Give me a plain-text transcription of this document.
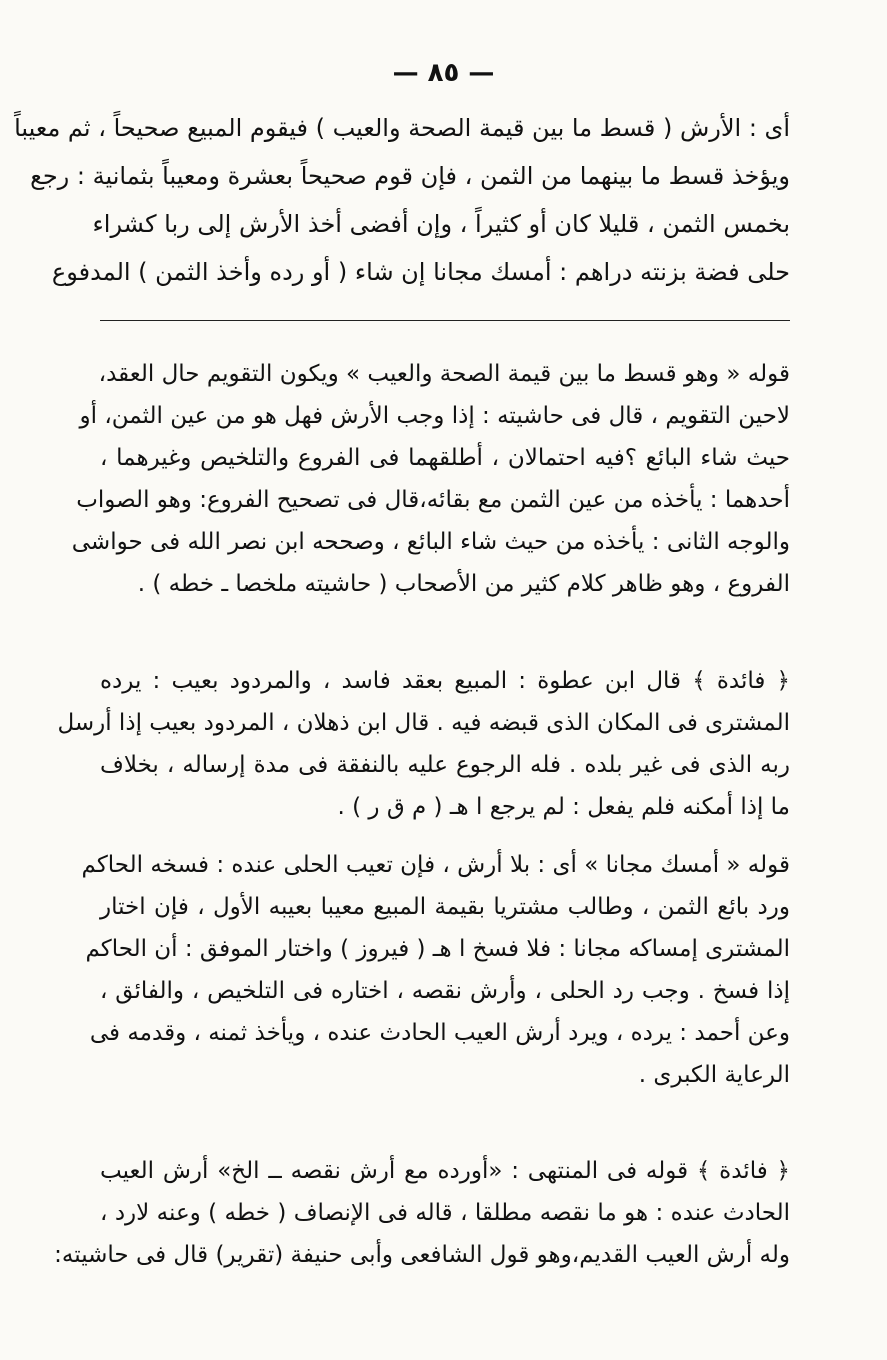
— ٨٥ —
أى : الأرش ( قسط ما بين قيمة الصحة والعيب ) فيقوم المبيع صحيحاً ، ثم معيباً
ويؤخذ قسط ما بينهما من الثمن ، فإن قوم صحيحاً بعشرة ومعيباً بثمانية : رجع
بخمس الثمن ، قليلا كان أو كثيراً ، وإن أفضى أخذ الأرش إلى ربا كشراء
حلى فضة بزنته دراهم : أمسك مجانا إن شاء ( أو رده وأخذ الثمن ) المدفوع
قوله « وهو قسط ما بين قيمة الصحة والعيب » ويكون التقويم حال العقد،
لاحين التقويم ، قال فى حاشيته : إذا وجب الأرش فهل هو من عين الثمن، أو
حيث شاء البائع ؟فيه احتمالان ، أطلقهما فى الفروع والتلخيص وغيرهما ،
أحدهما : يأخذه من عين الثمن مع بقائه،قال فى تصحيح الفروع: وهو الصواب
والوجه الثانى : يأخذه من حيث شاء البائع ، وصححه ابن نصر الله فى حواشى
الفروع ، وهو ظاهر كلام كثير من الأصحاب ( حاشيته ملخصا ـ خطه ) .
﴿ فائدة ﴾ قال ابن عطوة : المبيع بعقد فاسد ، والمردود بعيب : يرده
المشترى فى المكان الذى قبضه فيه . قال ابن ذهلان ، المردود بعيب إذا أرسل
ربه الذى فى غير بلده . فله الرجوع عليه بالنفقة فى مدة إرساله ، بخلاف
ما إذا أمكنه فلم يفعل : لم يرجع ا هـ ( م ق ر ) .
قوله « أمسك مجانا » أى : بلا أرش ، فإن تعيب الحلى عنده : فسخه الحاكم
ورد بائع الثمن ، وطالب مشتريا بقيمة المبيع معيبا بعيبه الأول ، فإن اختار
المشترى إمساكه مجانا : فلا فسخ ا هـ ( فيروز ) واختار الموفق : أن الحاكم
إذا فسخ . وجب رد الحلى ، وأرش نقصه ، اختاره فى التلخيص ، والفائق ،
وعن أحمد : يرده ، ويرد أرش العيب الحادث عنده ، ويأخذ ثمنه ، وقدمه فى
الرعاية الكبرى .
﴿ فائدة ﴾ قوله فى المنتهى : «أورده مع أرش نقصه ــ الخ» أرش العيب
الحادث عنده : هو ما نقصه مطلقا ، قاله فى الإنصاف ( خطه ) وعنه لارد ،
وله أرش العيب القديم،وهو قول الشافعى وأبى حنيفة (تقرير) قال فى حاشيته:
